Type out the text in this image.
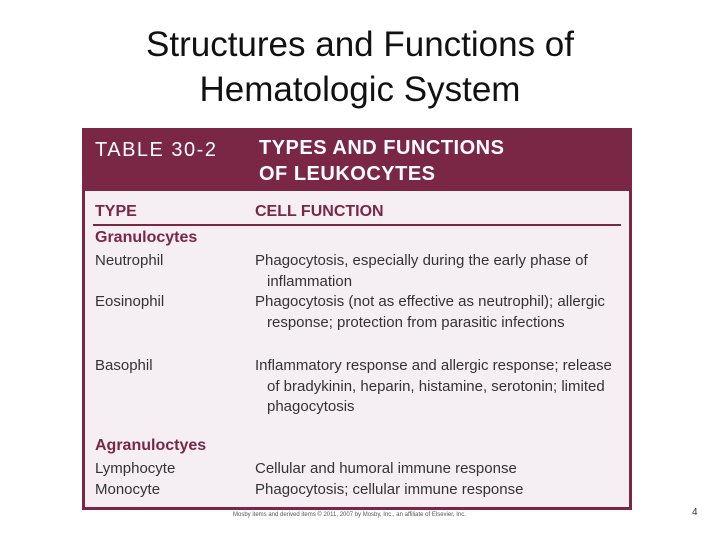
Structures and Functions of
Hematologic System
TABLE 30-2 TYPES AND FUNCTIONS
OF LEUKOCYTES
TYPE	CELL FUNCTION
Granulocytes
Neutrophil	Phagocytosis, especially during the early phase of inflammation
Eosinophil	Phagocytosis (not as effective as neutrophil); allergic response; protection from parasitic infections
Basophil	Inflammatory response and allergic response; release of bradykinin, heparin, histamine, serotonin; limited phagocytosis
Agranuloctyes
Lymphocyte	Cellular and humoral immune response
Monocyte	Phagocytosis; cellular immune response
Mosby items and derived items © 2011, 2007 by Mosby, Inc., an affiliate of Elsevier, Inc.	4
